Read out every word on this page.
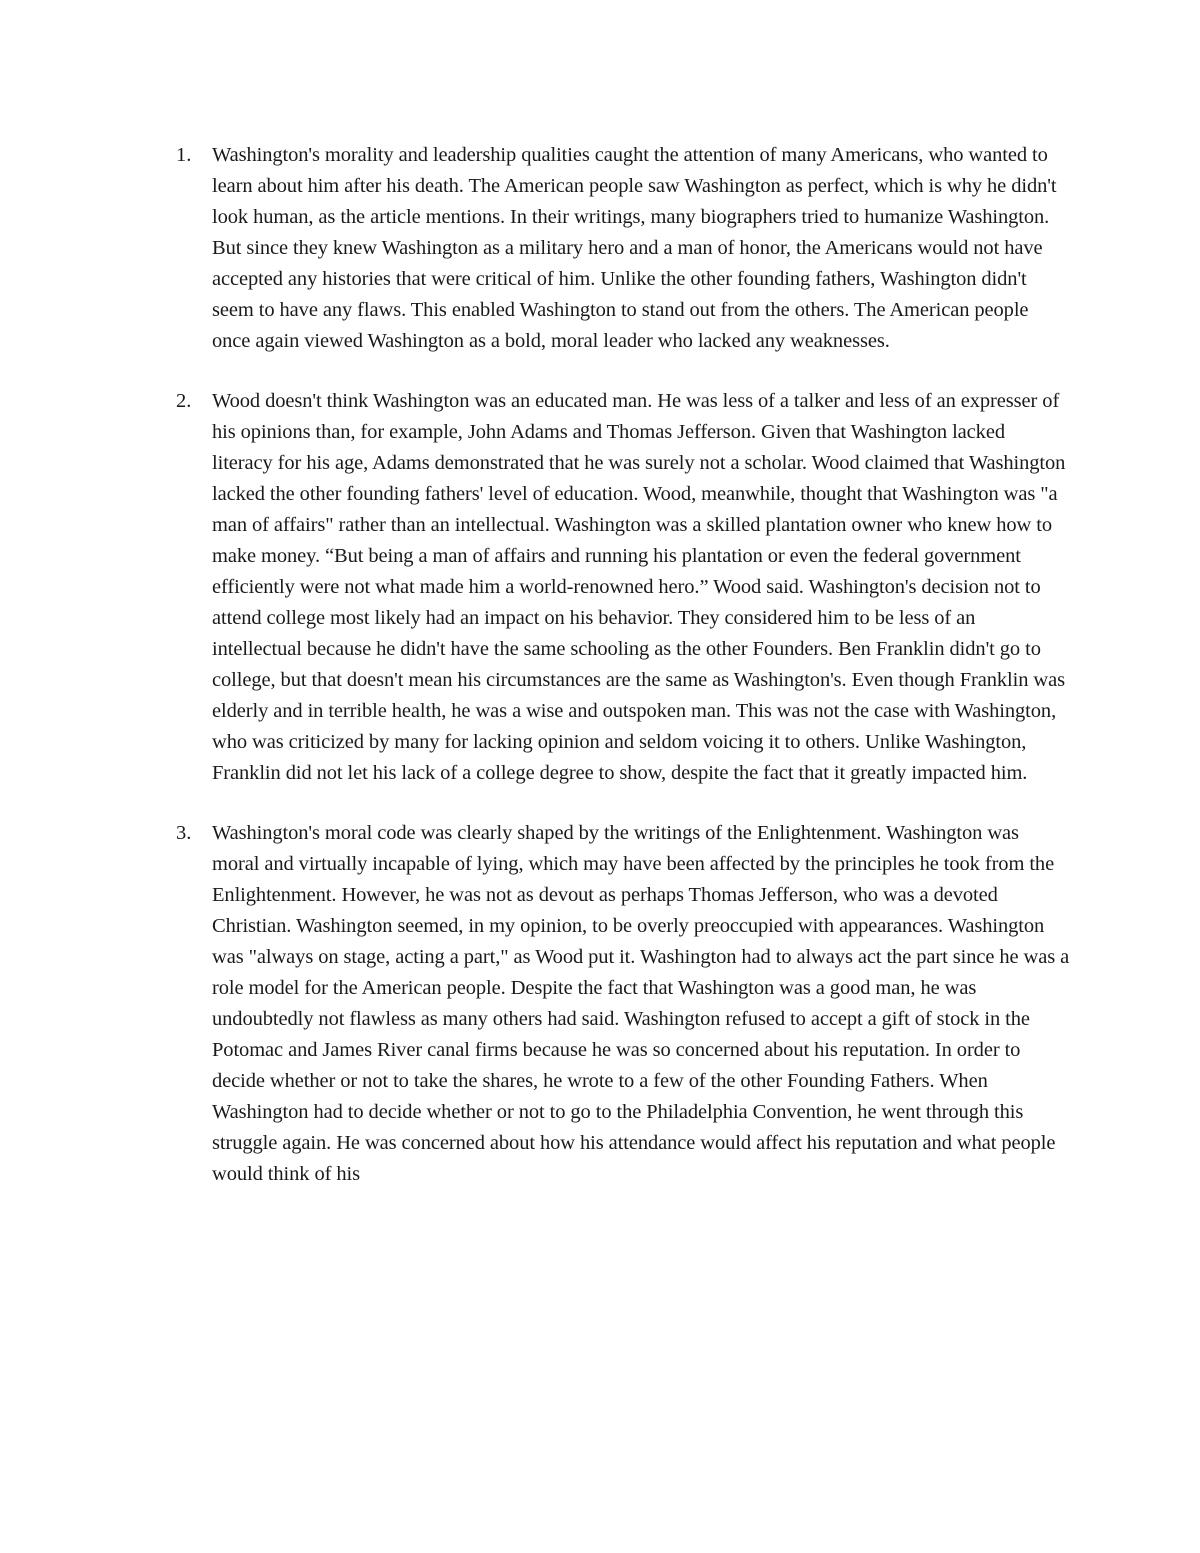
1. Washington's morality and leadership qualities caught the attention of many Americans, who wanted to learn about him after his death. The American people saw Washington as perfect, which is why he didn't look human, as the article mentions. In their writings, many biographers tried to humanize Washington. But since they knew Washington as a military hero and a man of honor, the Americans would not have accepted any histories that were critical of him. Unlike the other founding fathers, Washington didn't seem to have any flaws. This enabled Washington to stand out from the others. The American people once again viewed Washington as a bold, moral leader who lacked any weaknesses.
2. Wood doesn't think Washington was an educated man. He was less of a talker and less of an expresser of his opinions than, for example, John Adams and Thomas Jefferson. Given that Washington lacked literacy for his age, Adams demonstrated that he was surely not a scholar. Wood claimed that Washington lacked the other founding fathers' level of education. Wood, meanwhile, thought that Washington was "a man of affairs" rather than an intellectual. Washington was a skilled plantation owner who knew how to make money. “But being a man of affairs and running his plantation or even the federal government efficiently were not what made him a world-renowned hero.” Wood said. Washington's decision not to attend college most likely had an impact on his behavior. They considered him to be less of an intellectual because he didn't have the same schooling as the other Founders. Ben Franklin didn't go to college, but that doesn't mean his circumstances are the same as Washington's. Even though Franklin was elderly and in terrible health, he was a wise and outspoken man. This was not the case with Washington, who was criticized by many for lacking opinion and seldom voicing it to others. Unlike Washington, Franklin did not let his lack of a college degree to show, despite the fact that it greatly impacted him.
3. Washington's moral code was clearly shaped by the writings of the Enlightenment. Washington was moral and virtually incapable of lying, which may have been affected by the principles he took from the Enlightenment. However, he was not as devout as perhaps Thomas Jefferson, who was a devoted Christian. Washington seemed, in my opinion, to be overly preoccupied with appearances. Washington was "always on stage, acting a part," as Wood put it. Washington had to always act the part since he was a role model for the American people. Despite the fact that Washington was a good man, he was undoubtedly not flawless as many others had said. Washington refused to accept a gift of stock in the Potomac and James River canal firms because he was so concerned about his reputation. In order to decide whether or not to take the shares, he wrote to a few of the other Founding Fathers. When Washington had to decide whether or not to go to the Philadelphia Convention, he went through this struggle again. He was concerned about how his attendance would affect his reputation and what people would think of his
